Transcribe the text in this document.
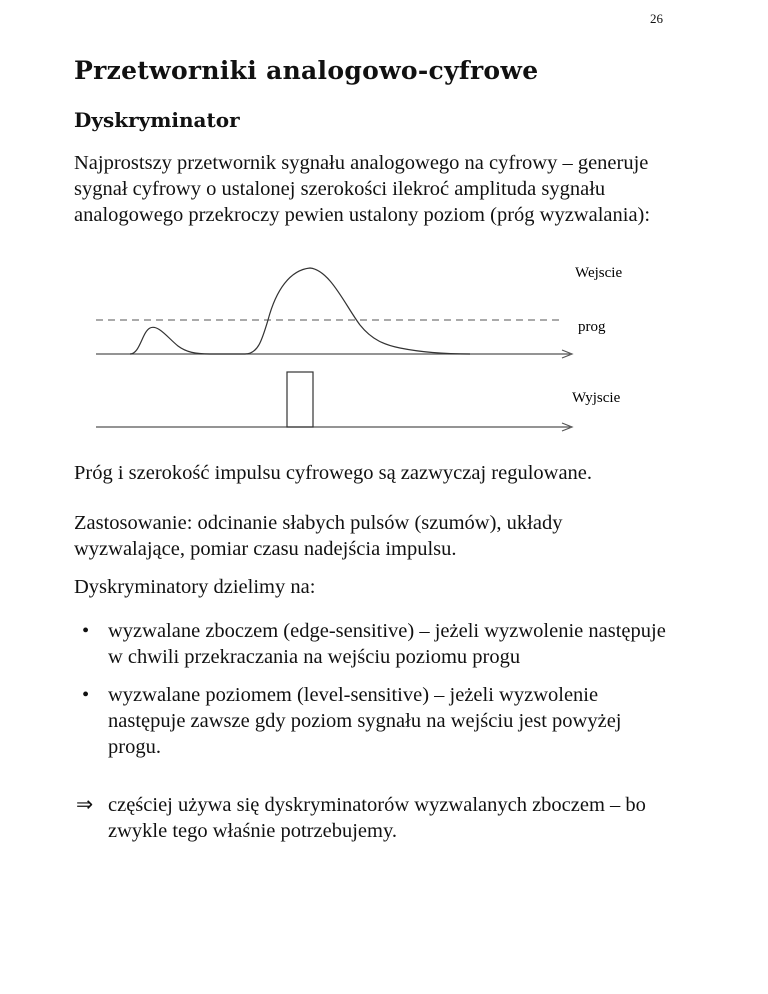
26
Przetworniki analogowo-cyfrowe
Dyskryminator
Najprostszy przetwornik sygnału analogowego na cyfrowy – generuje
sygnał cyfrowy o ustalonej szerokości ilekroć amplituda sygnału
analogowego przekroczy pewien ustalony poziom (próg wyzwalania):
Wejscie
prog
Wyjscie
Próg i szerokość impulsu cyfrowego są zazwyczaj regulowane.
Zastosowanie: odcinanie słabych pulsów (szumów), układy
wyzwalające, pomiar czasu nadejścia impulsu.
Dyskryminatory dzielimy na:
• wyzwalane zboczem (edge-sensitive) – jeżeli wyzwolenie następuje
w chwili przekraczania na wejściu poziomu progu
• wyzwalane poziomem (level-sensitive) – jeżeli wyzwolenie
następuje zawsze gdy poziom sygnału na wejściu jest powyżej
progu.
⇒ częściej używa się dyskryminatorów wyzwalanych zboczem – bo
zwykle tego właśnie potrzebujemy.
